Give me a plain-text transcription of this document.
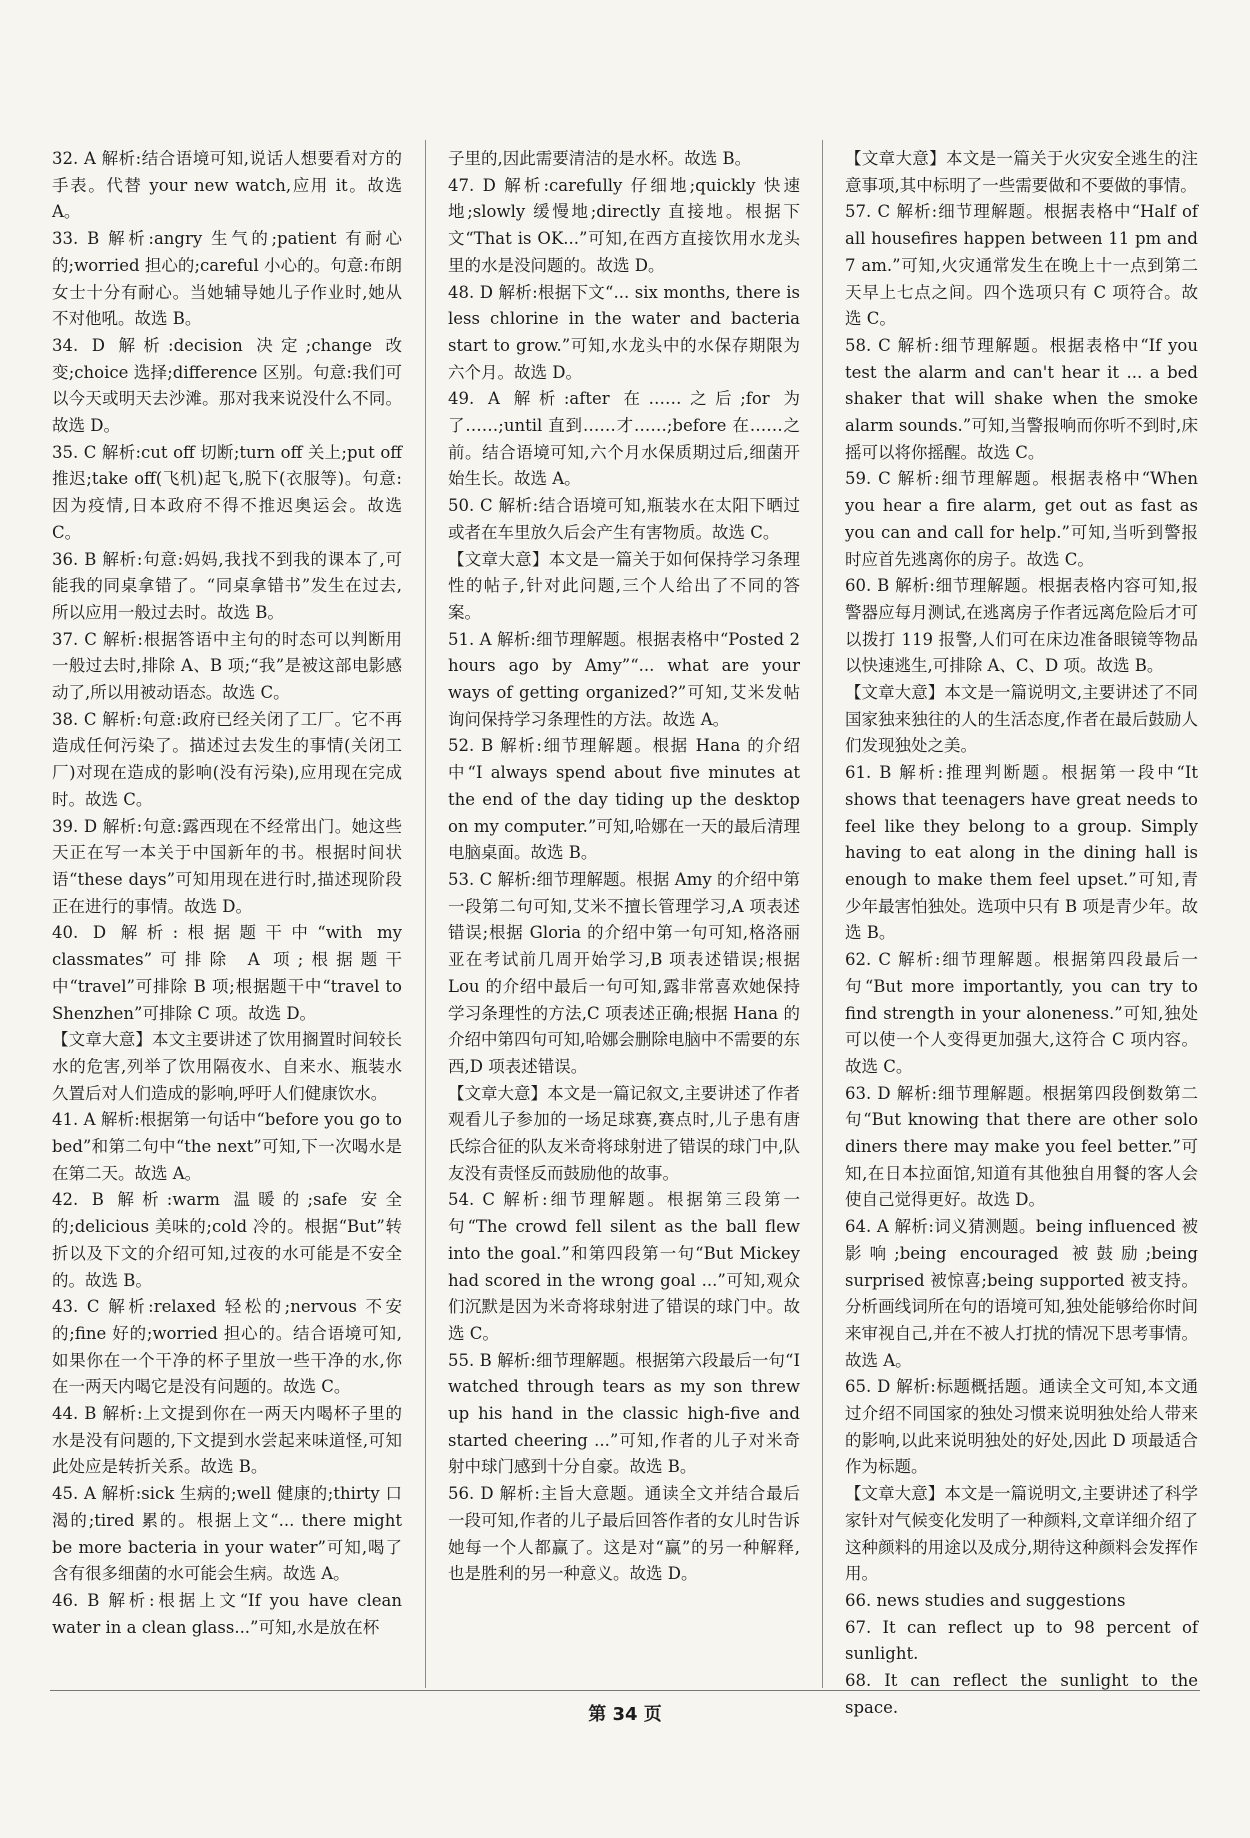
32. A 解析:结合语境可知,说话人想要看对方的手表。代替 your new watch,应用 it。故选 A。

33. B 解析:angry 生气的;patient 有耐心的;worried 担心的;careful 小心的。句意:布朗女士十分有耐心。当她辅导她儿子作业时,她从不对他吼。故选 B。

34. D 解析:decision 决定;change 改变;choice 选择;difference 区别。句意:我们可以今天或明天去沙滩。那对我来说没什么不同。故选 D。

35. C 解析:cut off 切断;turn off 关上;put off 推迟;take off(飞机)起飞,脱下(衣服等)。句意:因为疫情,日本政府不得不推迟奥运会。故选 C。

36. B 解析:句意:妈妈,我找不到我的课本了,可能我的同桌拿错了。“同桌拿错书”发生在过去,所以应用一般过去时。故选 B。

37. C 解析:根据答语中主句的时态可以判断用一般过去时,排除 A、B 项;“我”是被这部电影感动了,所以用被动语态。故选 C。

38. C 解析:句意:政府已经关闭了工厂。它不再造成任何污染了。描述过去发生的事情(关闭工厂)对现在造成的影响(没有污染),应用现在完成时。故选 C。

39. D 解析:句意:露西现在不经常出门。她这些天正在写一本关于中国新年的书。根据时间状语“these days”可知用现在进行时,描述现阶段正在进行的事情。故选 D。

40. D 解析:根据题干中“with my classmates”可排除 A 项;根据题干中“travel”可排除 B 项;根据题干中“travel to Shenzhen”可排除 C 项。故选 D。

【文章大意】本文主要讲述了饮用搁置时间较长水的危害,列举了饮用隔夜水、自来水、瓶装水久置后对人们造成的影响,呼吁人们健康饮水。

41. A 解析:根据第一句话中“before you go to bed”和第二句中“the next”可知,下一次喝水是在第二天。故选 A。

42. B 解析:warm 温暖的;safe 安全的;delicious 美味的;cold 冷的。根据“But”转折以及下文的介绍可知,过夜的水可能是不安全的。故选 B。

43. C 解析:relaxed 轻松的;nervous 不安的;fine 好的;worried 担心的。结合语境可知,如果你在一个干净的杯子里放一些干净的水,你在一两天内喝它是没有问题的。故选 C。

44. B 解析:上文提到你在一两天内喝杯子里的水是没有问题的,下文提到水尝起来味道怪,可知此处应是转折关系。故选 B。

45. A 解析:sick 生病的;well 健康的;thirty 口渴的;tired 累的。根据上文“... there might be more bacteria in your water”可知,喝了含有很多细菌的水可能会生病。故选 A。

46. B 解析:根据上文“If you have clean water in a clean glass...”可知,水是放在杯

子里的,因此需要清洁的是水杯。故选 B。

47. D 解析:carefully 仔细地;quickly 快速地;slowly 缓慢地;directly 直接地。根据下文“That is OK...”可知,在西方直接饮用水龙头里的水是没问题的。故选 D。

48. D 解析:根据下文“... six months, there is less chlorine in the water and bacteria start to grow.”可知,水龙头中的水保存期限为六个月。故选 D。

49. A 解析:after 在……之后;for 为了……;until 直到……才……;before 在……之前。结合语境可知,六个月水保质期过后,细菌开始生长。故选 A。

50. C 解析:结合语境可知,瓶装水在太阳下晒过或者在车里放久后会产生有害物质。故选 C。

【文章大意】本文是一篇关于如何保持学习条理性的帖子,针对此问题,三个人给出了不同的答案。

51. A 解析:细节理解题。根据表格中“Posted 2 hours ago by Amy”“... what are your ways of getting organized?”可知,艾米发帖询问保持学习条理性的方法。故选 A。

52. B 解析:细节理解题。根据 Hana 的介绍中“I always spend about five minutes at the end of the day tiding up the desktop on my computer.”可知,哈娜在一天的最后清理电脑桌面。故选 B。

53. C 解析:细节理解题。根据 Amy 的介绍中第一段第二句可知,艾米不擅长管理学习,A 项表述错误;根据 Gloria 的介绍中第一句可知,格洛丽亚在考试前几周开始学习,B 项表述错误;根据 Lou 的介绍中最后一句可知,露非常喜欢她保持学习条理性的方法,C 项表述正确;根据 Hana 的介绍中第四句可知,哈娜会删除电脑中不需要的东西,D 项表述错误。

【文章大意】本文是一篇记叙文,主要讲述了作者观看儿子参加的一场足球赛,赛点时,儿子患有唐氏综合征的队友米奇将球射进了错误的球门中,队友没有责怪反而鼓励他的故事。

54. C 解析:细节理解题。根据第三段第一句“The crowd fell silent as the ball flew into the goal.”和第四段第一句“But Mickey had scored in the wrong goal ...”可知,观众们沉默是因为米奇将球射进了错误的球门中。故选 C。

55. B 解析:细节理解题。根据第六段最后一句“I watched through tears as my son threw up his hand in the classic high-five and started cheering ...”可知,作者的儿子对米奇射中球门感到十分自豪。故选 B。

56. D 解析:主旨大意题。通读全文并结合最后一段可知,作者的儿子最后回答作者的女儿时告诉她每一个人都赢了。这是对“赢”的另一种解释,也是胜利的另一种意义。故选 D。

【文章大意】本文是一篇关于火灾安全逃生的注意事项,其中标明了一些需要做和不要做的事情。

57. C 解析:细节理解题。根据表格中“Half of all housefires happen between 11 pm and 7 am.”可知,火灾通常发生在晚上十一点到第二天早上七点之间。四个选项只有 C 项符合。故选 C。

58. C 解析:细节理解题。根据表格中“If you test the alarm and can't hear it ... a bed shaker that will shake when the smoke alarm sounds.”可知,当警报响而你听不到时,床摇可以将你摇醒。故选 C。

59. C 解析:细节理解题。根据表格中“When you hear a fire alarm, get out as fast as you can and call for help.”可知,当听到警报时应首先逃离你的房子。故选 C。

60. B 解析:细节理解题。根据表格内容可知,报警器应每月测试,在逃离房子作者远离危险后才可以拨打 119 报警,人们可在床边准备眼镜等物品以快速逃生,可排除 A、C、D 项。故选 B。

【文章大意】本文是一篇说明文,主要讲述了不同国家独来独往的人的生活态度,作者在最后鼓励人们发现独处之美。

61. B 解析:推理判断题。根据第一段中“It shows that teenagers have great needs to feel like they belong to a group. Simply having to eat along in the dining hall is enough to make them feel upset.”可知,青少年最害怕独处。选项中只有 B 项是青少年。故选 B。

62. C 解析:细节理解题。根据第四段最后一句“But more importantly, you can try to find strength in your aloneness.”可知,独处可以使一个人变得更加强大,这符合 C 项内容。故选 C。

63. D 解析:细节理解题。根据第四段倒数第二句“But knowing that there are other solo diners there may make you feel better.”可知,在日本拉面馆,知道有其他独自用餐的客人会使自己觉得更好。故选 D。

64. A 解析:词义猜测题。being influenced 被影响;being encouraged 被鼓励;being surprised 被惊喜;being supported 被支持。分析画线词所在句的语境可知,独处能够给你时间来审视自己,并在不被人打扰的情况下思考事情。故选 A。

65. D 解析:标题概括题。通读全文可知,本文通过介绍不同国家的独处习惯来说明独处给人带来的影响,以此来说明独处的好处,因此 D 项最适合作为标题。

【文章大意】本文是一篇说明文,主要讲述了科学家针对气候变化发明了一种颜料,文章详细介绍了这种颜料的用途以及成分,期待这种颜料会发挥作用。

66. news studies and suggestions

67. It can reflect up to 98 percent of sunlight.

68. It can reflect the sunlight to the space.

第 34 页
